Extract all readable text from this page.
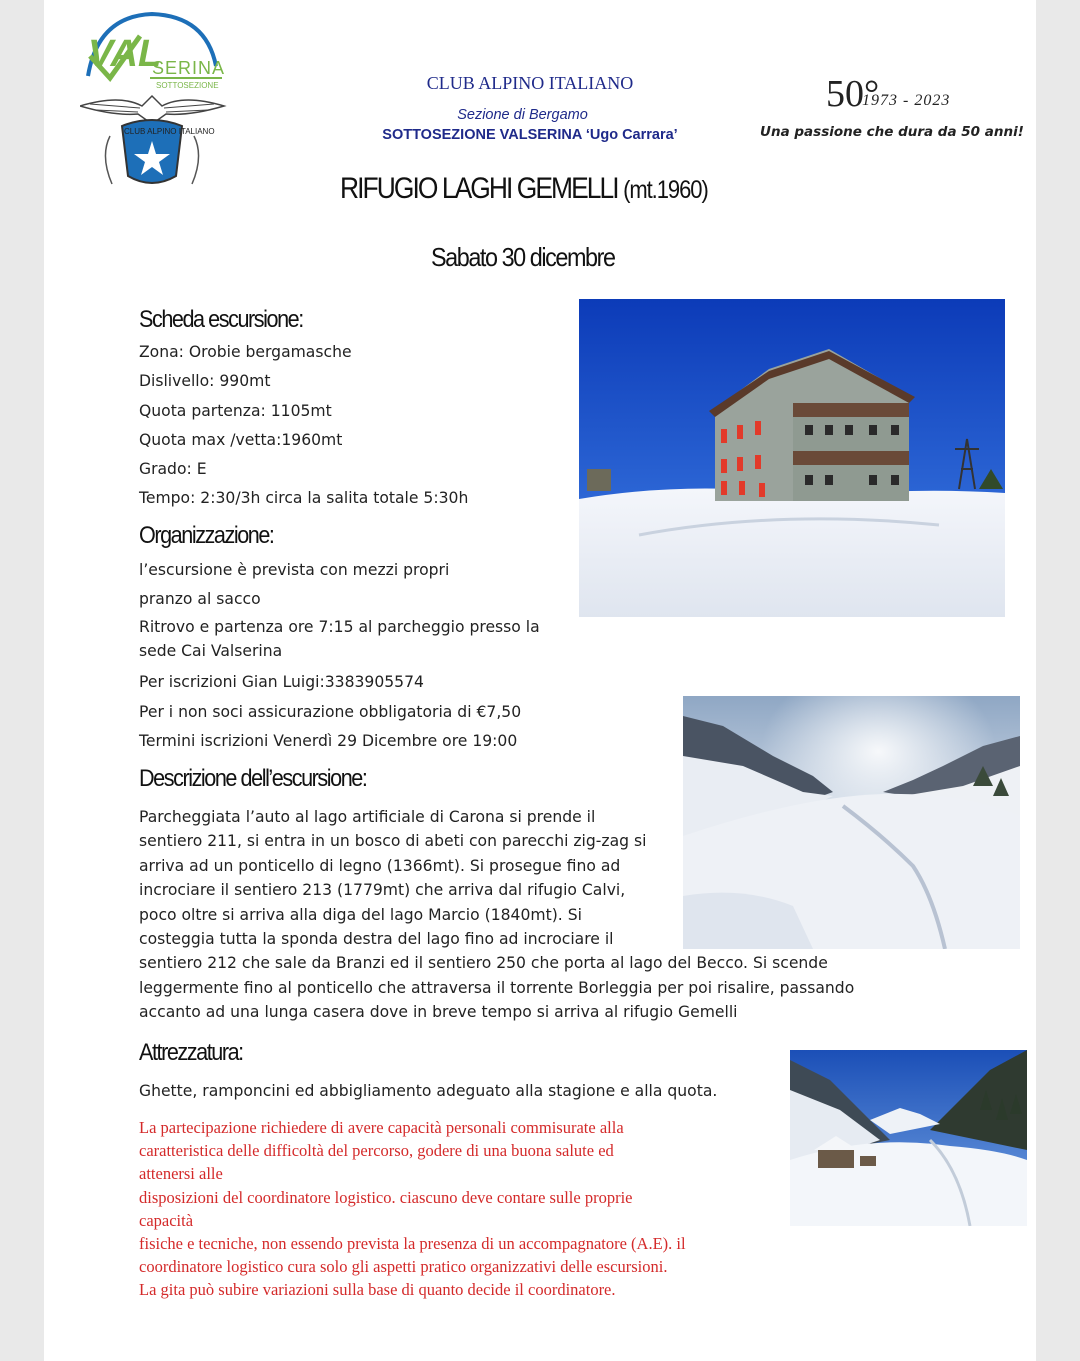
VAL
SERINA
SOTTOSEZIONE
CLUB ALPINO ITALIANO
CLUB ALPINO ITALIANO
Sezione di Bergamo
SOTTOSEZIONE VALSERINA ‘Ugo Carrara’
50°
1973 - 2023
Una passione che dura da 50 anni!
RIFUGIO LAGHI GEMELLI (mt.1960)
Sabato 30 dicembre
Scheda escursione:
Zona: Orobie bergamasche
Dislivello: 990mt
Quota partenza: 1105mt
Quota max /vetta:1960mt
Grado: E
Tempo: 2:30/3h circa la salita totale 5:30h
Organizzazione:
l’escursione è prevista con mezzi propri
pranzo al sacco
Ritrovo e partenza ore 7:15 al parcheggio presso la
sede Cai Valserina
Per iscrizioni Gian Luigi:3383905574
Per i non soci assicurazione obbligatoria di €7,50
Termini iscrizioni Venerdì 29 Dicembre ore 19:00
Descrizione dell’escursione:
Parcheggiata l’auto al lago artificiale di Carona si prende il
sentiero 211, si entra in un bosco di abeti con parecchi zig-zag si
arriva ad un ponticello di legno (1366mt). Si prosegue fino ad
incrociare il sentiero 213 (1779mt) che arriva dal rifugio Calvi,
poco oltre si arriva alla diga del lago Marcio (1840mt). Si
costeggia tutta la sponda destra del lago fino ad incrociare il
sentiero 212 che sale da Branzi ed il sentiero 250 che porta al lago del Becco. Si scende
leggermente fino al ponticello che attraversa il torrente Borleggia per poi risalire, passando
accanto ad una lunga casera dove in breve tempo si arriva al rifugio Gemelli
Attrezzatura:
Ghette, ramponcini ed abbigliamento adeguato alla stagione e alla quota.
La partecipazione richiedere di avere capacità personali commisurate alla
caratteristica delle difficoltà del percorso, godere di una buona salute ed
attenersi alle
disposizioni del coordinatore logistico. ciascuno deve contare sulle proprie
capacità
fisiche e tecniche, non essendo prevista la presenza di un accompagnatore (A.E). il
coordinatore logistico cura solo gli aspetti pratico organizzativi delle escursioni.
La gita può subire variazioni sulla base di quanto decide il coordinatore.
